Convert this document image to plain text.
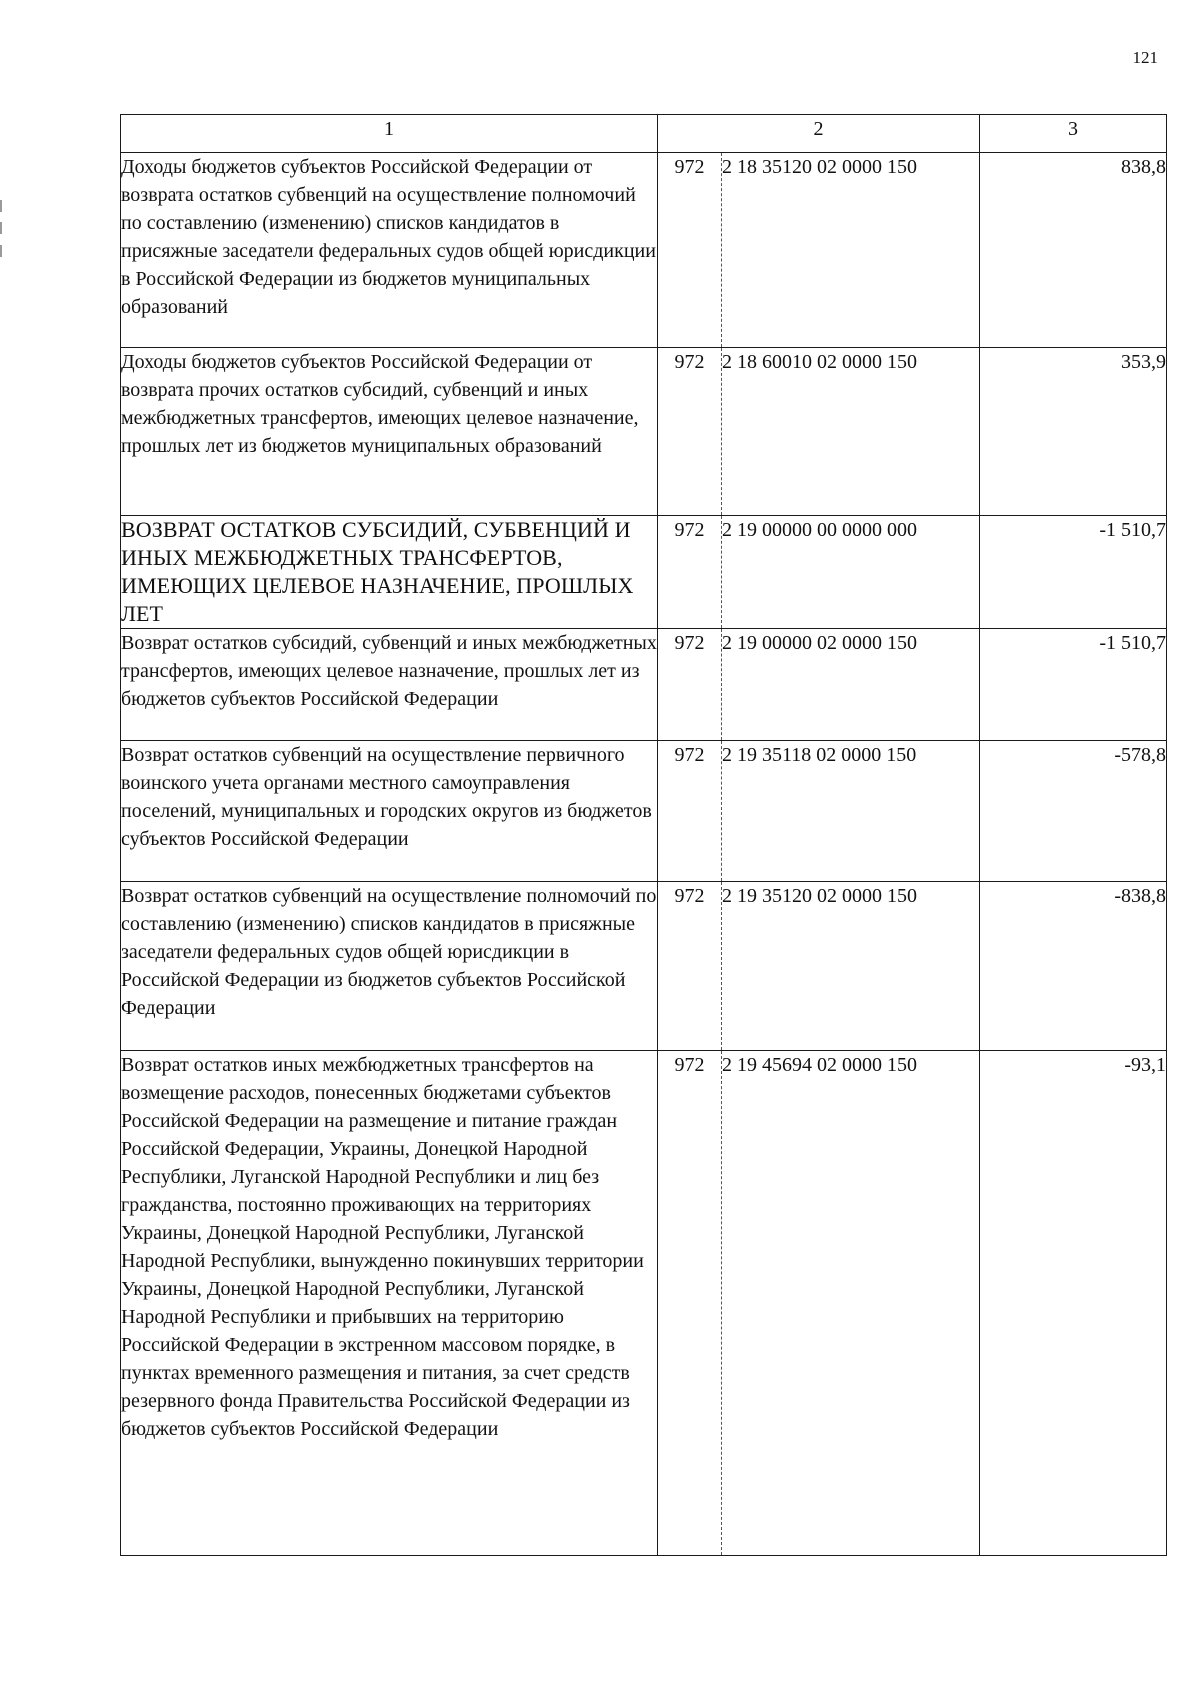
121
1	2		3
Доходы бюджетов субъектов Российской Федерации от возврата остатков субвенций на осуществление полномочий по составлению (изменению) списков кандидатов в присяжные заседатели федеральных судов общей юрисдикции в Российской Федерации из бюджетов муниципальных образований	972	2 18 35120 02 0000 150	838,8
Доходы бюджетов субъектов Российской Федерации от возврата прочих остатков субсидий, субвенций и иных межбюджетных трансфертов, имеющих целевое назначение, прошлых лет из бюджетов муниципальных образований	972	2 18 60010 02 0000 150	353,9
ВОЗВРАТ ОСТАТКОВ СУБСИДИЙ, СУБВЕНЦИЙ И ИНЫХ МЕЖБЮДЖЕТНЫХ ТРАНСФЕРТОВ, ИМЕЮЩИХ ЦЕЛЕВОЕ НАЗНАЧЕНИЕ, ПРОШЛЫХ ЛЕТ	972	2 19 00000 00 0000 000	-1 510,7
Возврат остатков субсидий, субвенций и иных межбюджетных трансфертов, имеющих целевое назначение, прошлых лет из бюджетов субъектов Российской Федерации	972	2 19 00000 02 0000 150	-1 510,7
Возврат остатков субвенций на осуществление первичного воинского учета органами местного самоуправления поселений, муниципальных и городских округов из бюджетов субъектов Российской Федерации	972	2 19 35118 02 0000 150	-578,8
Возврат остатков субвенций на осуществление полномочий по составлению (изменению) списков кандидатов в присяжные заседатели федеральных судов общей юрисдикции в Российской Федерации из бюджетов субъектов Российской Федерации	972	2 19 35120 02 0000 150	-838,8
Возврат остатков иных межбюджетных трансфертов на возмещение расходов, понесенных бюджетами субъектов Российской Федерации на размещение и питание граждан Российской Федерации, Украины, Донецкой Народной Республики, Луганской Народной Республики и лиц без гражданства, постоянно проживающих на территориях Украины, Донецкой Народной Республики, Луганской Народной Республики, вынужденно покинувших территории Украины, Донецкой Народной Республики, Луганской Народной Республики и прибывших на территорию Российской Федерации в экстренном массовом порядке, в пунктах временного размещения и питания, за счет средств резервного фонда Правительства Российской Федерации из бюджетов субъектов Российской Федерации	972	2 19 45694 02 0000 150	-93,1
